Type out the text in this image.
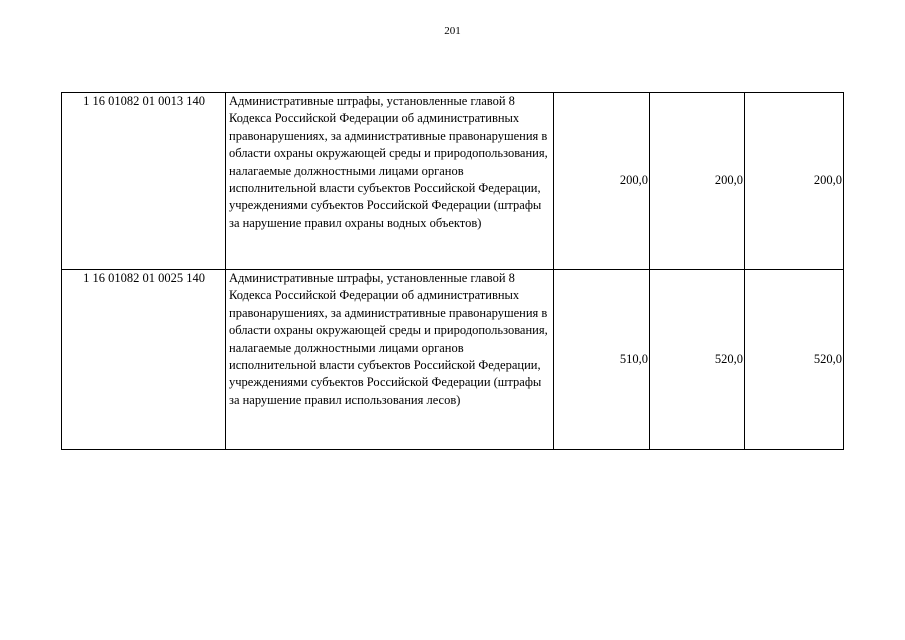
201
1 16 01082 01 0013 140	Административные штрафы, установленные главой 8 Кодекса Российской Федерации об административных правонарушениях, за административные правонарушения в области охраны окружающей среды и природопользования, налагаемые должностными лицами органов исполнительной власти субъектов Российской Федерации, учреждениями субъектов Российской Федерации (штрафы за нарушение правил охраны водных объектов)	200,0	200,0	200,0
1 16 01082 01 0025 140	Административные штрафы, установленные главой 8 Кодекса Российской Федерации об административных правонарушениях, за административные правонарушения в области охраны окружающей среды и природопользования, налагаемые должностными лицами органов исполнительной власти субъектов Российской Федерации, учреждениями субъектов Российской Федерации (штрафы за нарушение правил использования лесов)	510,0	520,0	520,0
